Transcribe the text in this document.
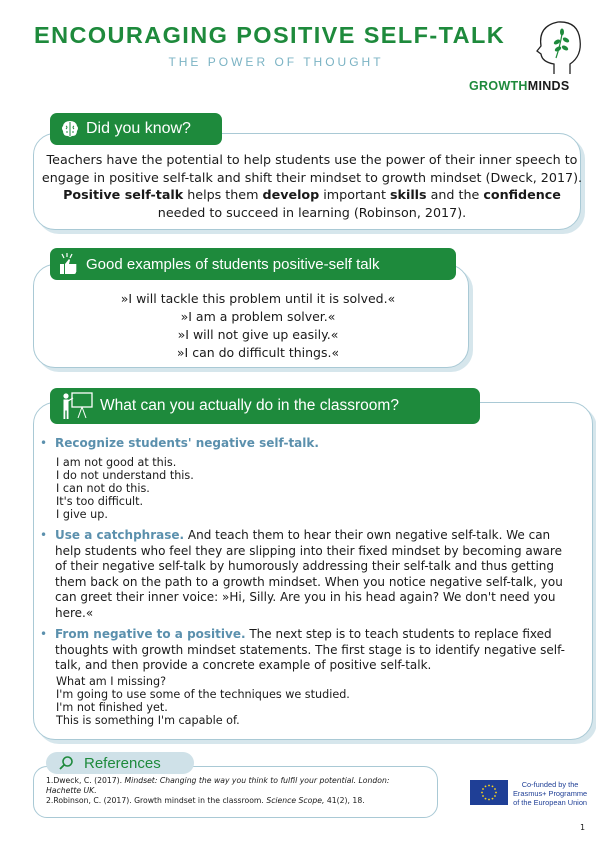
ENCOURAGING POSITIVE SELF-TALK
THE POWER OF THOUGHT
GROWTHMINDS
Did you know?
Teachers have the potential to help students use the power of their inner speech to engage in positive self-talk and shift their mindset to growth mindset (Dweck, 2017). Positive self-talk helps them develop important skills and the confidence needed to succeed in learning (Robinson, 2017).
Good examples of students positive-self talk
»I will tackle this problem until it is solved.«
»I am a problem solver.«
»I will not give up easily.«
»I can do difficult things.«
What can you actually do in the classroom?
• Recognize students' negative self-talk.
I am not good at this.
I do not understand this.
I can not do this.
It's too difficult.
I give up.
• Use a catchphrase. And teach them to hear their own negative self-talk. We can help students who feel they are slipping into their fixed mindset by becoming aware of their negative self-talk by humorously addressing their self-talk and thus getting them back on the path to a growth mindset. When you notice negative self-talk, you can greet their inner voice: »Hi, Silly. Are you in his head again? We don't need you here.«
• From negative to a positive. The next step is to teach students to replace fixed thoughts with growth mindset statements. The first stage is to identify negative self-talk, and then provide a concrete example of positive self-talk.
What am I missing?
I'm going to use some of the techniques we studied.
I'm not finished yet.
This is something I'm capable of.
References
1.Dweck, C. (2017). Mindset: Changing the way you think to fulfil your potential. London:
Hachette UK.
2.Robinson, C. (2017). Growth mindset in the classroom. Science Scope, 41(2), 18.
Co-funded by the
Erasmus+ Programme
of the European Union
1
